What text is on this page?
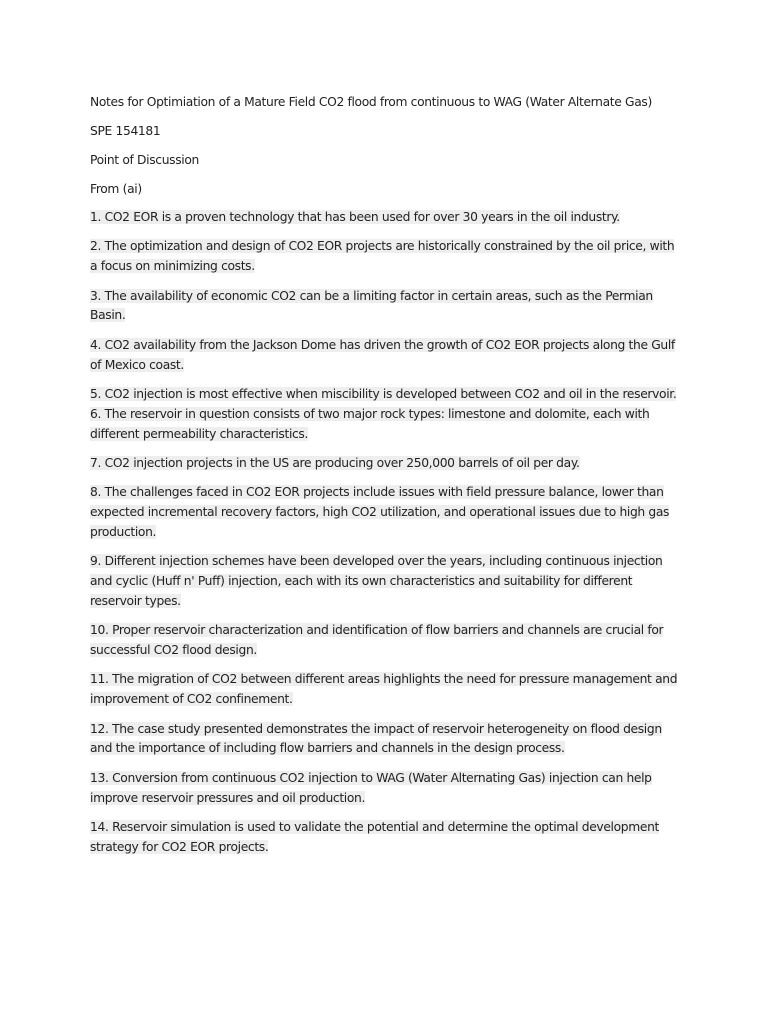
Notes for Optimiation of a Mature Field CO2 flood from continuous to WAG (Water Alternate Gas)
SPE 154181
Point of Discussion
From (ai)
1. CO2 EOR is a proven technology that has been used for over 30 years in the oil industry.
2. The optimization and design of CO2 EOR projects are historically constrained by the oil price, with a focus on minimizing costs.
3. The availability of economic CO2 can be a limiting factor in certain areas, such as the Permian Basin.
4. CO2 availability from the Jackson Dome has driven the growth of CO2 EOR projects along the Gulf of Mexico coast.
5. CO2 injection is most effective when miscibility is developed between CO2 and oil in the reservoir.
6. The reservoir in question consists of two major rock types: limestone and dolomite, each with different permeability characteristics.
7. CO2 injection projects in the US are producing over 250,000 barrels of oil per day.
8. The challenges faced in CO2 EOR projects include issues with field pressure balance, lower than expected incremental recovery factors, high CO2 utilization, and operational issues due to high gas production.
9. Different injection schemes have been developed over the years, including continuous injection and cyclic (Huff n' Puff) injection, each with its own characteristics and suitability for different reservoir types.
10. Proper reservoir characterization and identification of flow barriers and channels are crucial for successful CO2 flood design.
11. The migration of CO2 between different areas highlights the need for pressure management and improvement of CO2 confinement.
12. The case study presented demonstrates the impact of reservoir heterogeneity on flood design and the importance of including flow barriers and channels in the design process.
13. Conversion from continuous CO2 injection to WAG (Water Alternating Gas) injection can help improve reservoir pressures and oil production.
14. Reservoir simulation is used to validate the potential and determine the optimal development strategy for CO2 EOR projects.
